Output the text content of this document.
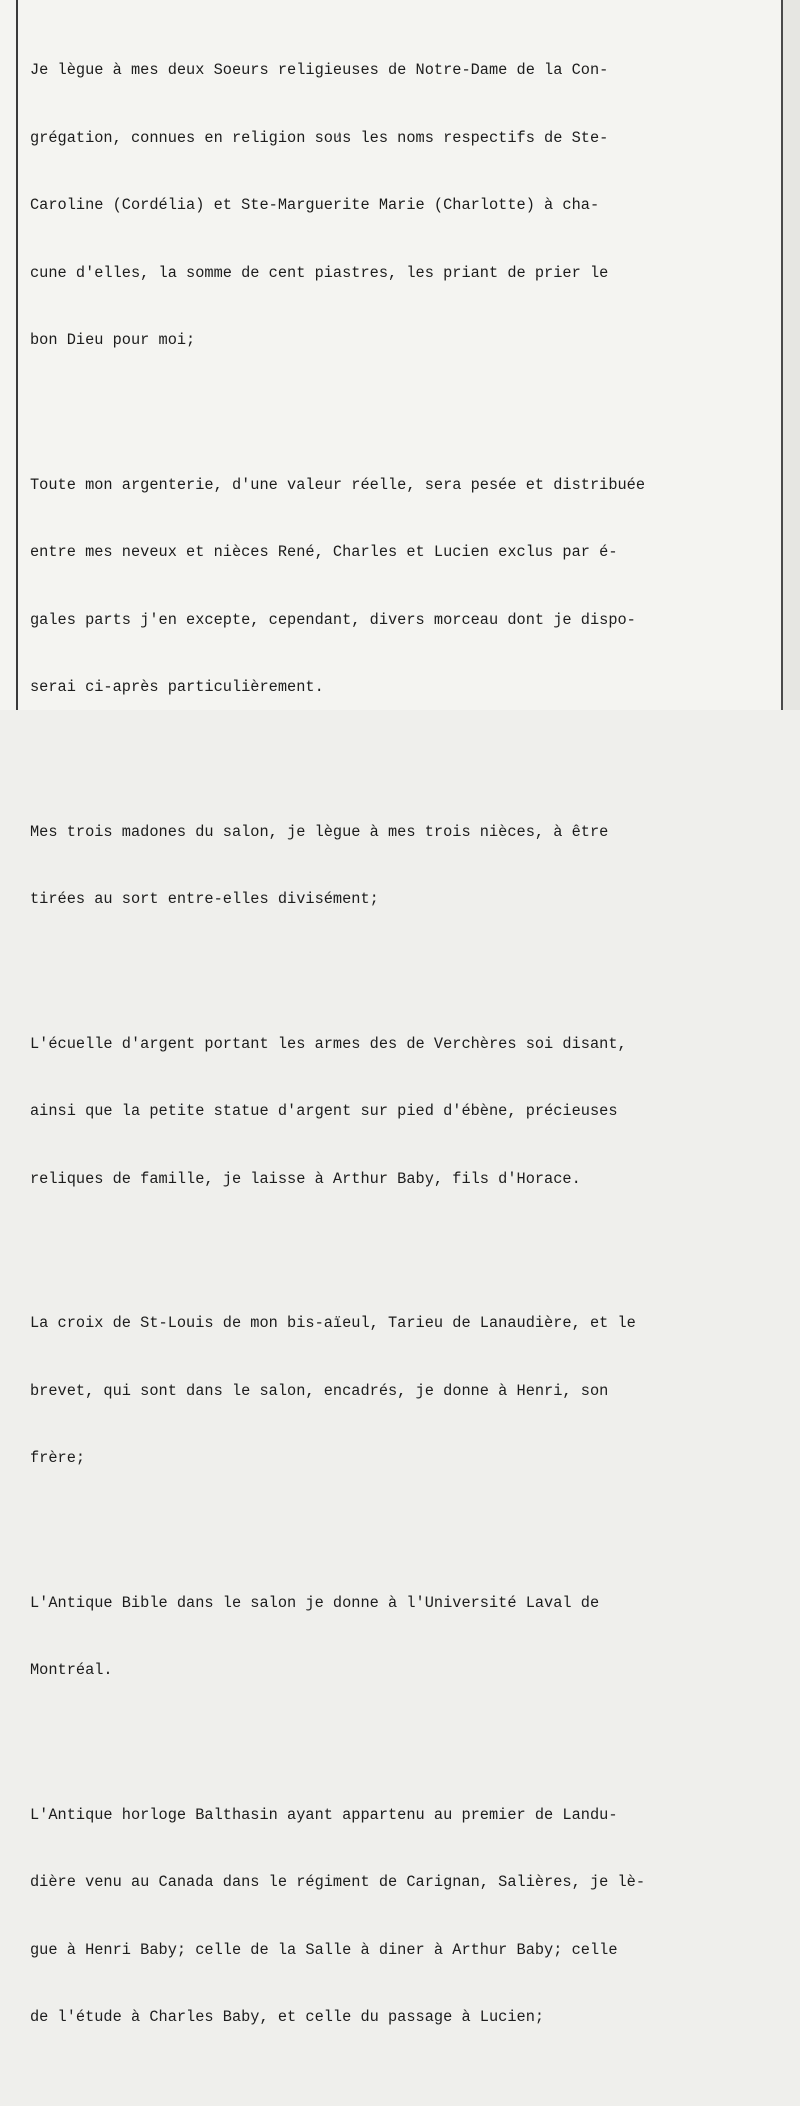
Je lègue à mes deux Soeurs religieuses de Notre-Dame de la Con-

grégation, connues en religion sous les noms respectifs de Ste-

Caroline (Cordélia) et Ste-Marguerite Marie (Charlotte) à cha-

cune d'elles, la somme de cent piastres, les priant de prier le

bon Dieu pour moi;

Toute mon argenterie, d'une valeur réelle, sera pesée et distribuée

entre mes neveux et nièces René, Charles et Lucien exclus par é-

gales parts j'en excepte, cependant, divers morceau dont je dispo-

serai ci-après particulièrement.

Mes trois madones du salon, je lègue à mes trois nièces, à être

tirées au sort entre-elles divisément;

L'écuelle d'argent portant les armes des de Verchères soi disant,

ainsi que la petite statue d'argent sur pied d'ébène, précieuses

reliques de famille, je laisse à Arthur Baby, fils d'Horace.

La croix de St-Louis de mon bis-aïeul, Tarieu de Lanaudière, et le

brevet, qui sont dans le salon, encadrés, je donne à Henri, son

frère;

L'Antique Bible dans le salon je donne à l'Université Laval de

Montréal.

L'Antique horloge Balthasin ayant appartenu au premier de Landu-

dière venu au Canada dans le régiment de Carignan, Salières, je lè-

gue à Henri Baby; celle de la Salle à diner à Arthur Baby; celle

de l'étude à Charles Baby, et celle du passage à Lucien;
